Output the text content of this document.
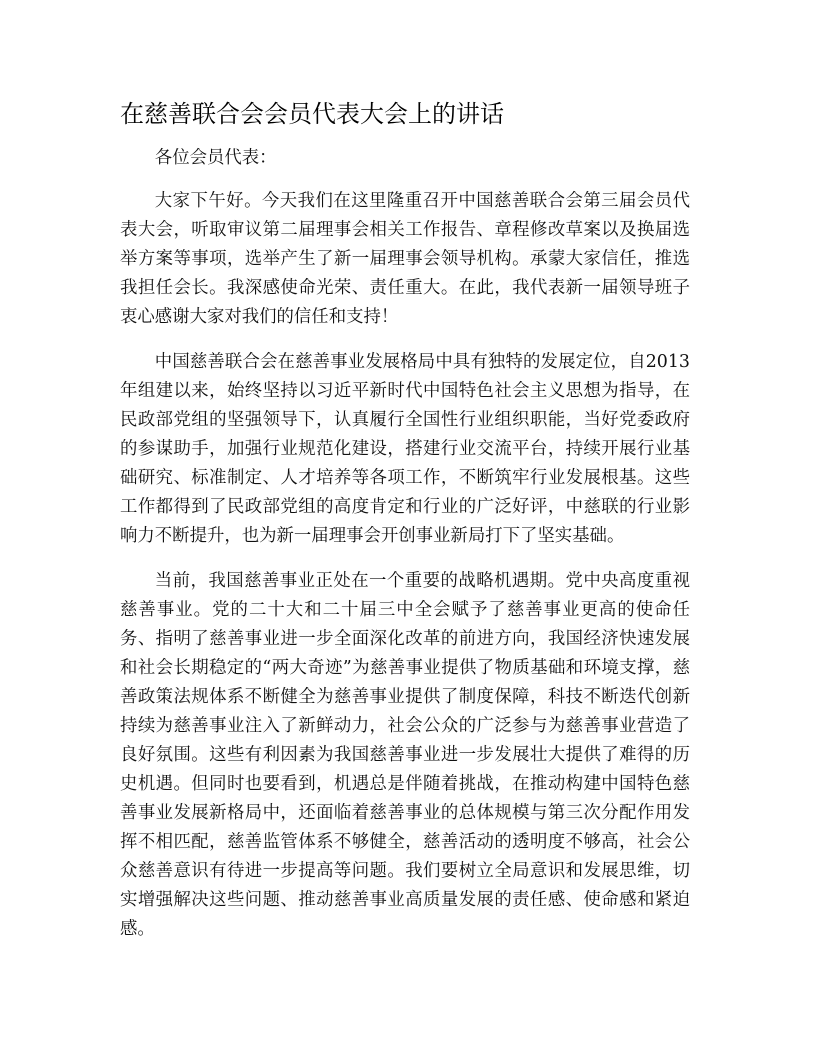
在慈善联合会会员代表大会上的讲话

各位会员代表：

大家下午好。今天我们在这里隆重召开中国慈善联合会第三届会员代表大会，听取审议第二届理事会相关工作报告、章程修改草案以及换届选举方案等事项，选举产生了新一届理事会领导机构。承蒙大家信任，推选我担任会长。我深感使命光荣、责任重大。在此，我代表新一届领导班子衷心感谢大家对我们的信任和支持！

中国慈善联合会在慈善事业发展格局中具有独特的发展定位，自2013年组建以来，始终坚持以习近平新时代中国特色社会主义思想为指导，在民政部党组的坚强领导下，认真履行全国性行业组织职能，当好党委政府的参谋助手，加强行业规范化建设，搭建行业交流平台，持续开展行业基础研究、标准制定、人才培养等各项工作，不断筑牢行业发展根基。这些工作都得到了民政部党组的高度肯定和行业的广泛好评，中慈联的行业影响力不断提升，也为新一届理事会开创事业新局打下了坚实基础。

当前，我国慈善事业正处在一个重要的战略机遇期。党中央高度重视慈善事业。党的二十大和二十届三中全会赋予了慈善事业更高的使命任务、指明了慈善事业进一步全面深化改革的前进方向，我国经济快速发展和社会长期稳定的“两大奇迹”为慈善事业提供了物质基础和环境支撑，慈善政策法规体系不断健全为慈善事业提供了制度保障，科技不断迭代创新持续为慈善事业注入了新鲜动力，社会公众的广泛参与为慈善事业营造了良好氛围。这些有利因素为我国慈善事业进一步发展壮大提供了难得的历史机遇。但同时也要看到，机遇总是伴随着挑战，在推动构建中国特色慈善事业发展新格局中，还面临着慈善事业的总体规模与第三次分配作用发挥不相匹配，慈善监管体系不够健全，慈善活动的透明度不够高，社会公众慈善意识有待进一步提高等问题。我们要树立全局意识和发展思维，切实增强解决这些问题、推动慈善事业高质量发展的责任感、使命感和紧迫感。
